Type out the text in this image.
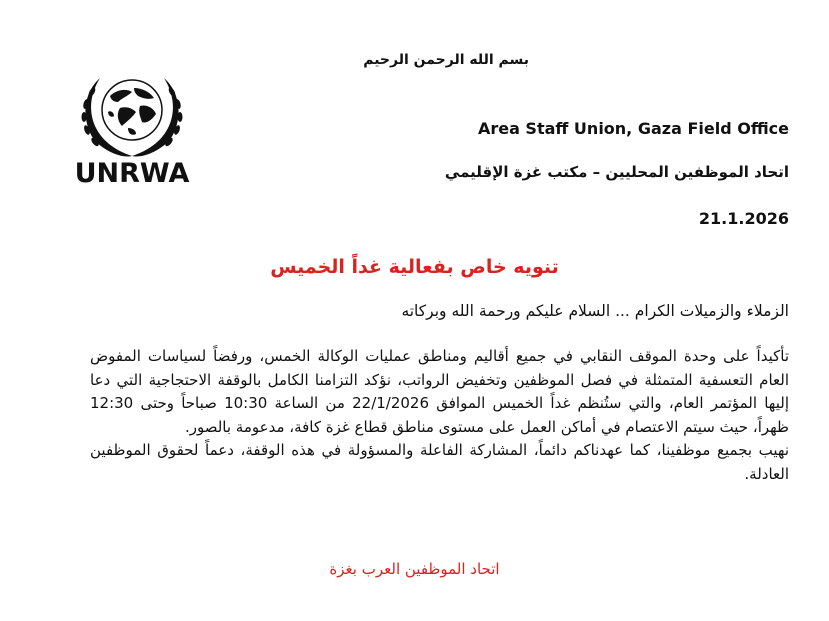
UNRWA
بسم الله الرحمن الرحيم
Area Staff Union, Gaza Field Office
اتحاد الموظفين المحليين – مكتب غزة الإقليمي
21.1.2026
تنويه خاص بفعالية غداً الخميس
الزملاء والزميلات الكرام ... السلام عليكم ورحمة الله وبركاته

تأكيداً على وحدة الموقف النقابي في جميع أقاليم ومناطق عمليات الوكالة الخمس، ورفضاً لسياسات المفوض العام التعسفية المتمثلة في فصل الموظفين وتخفيض الرواتب، نؤكد التزامنا الكامل بالوقفة الاحتجاجية التي دعا إليها المؤتمر العام، والتي ستُنظم غداً الخميس الموافق 22/1/2026 من الساعة 10:30 صباحاً وحتى 12:30 ظهراً، حيث سيتم الاعتصام في أماكن العمل على مستوى مناطق قطاع غزة كافة، مدعومة بالصور.

نهيب بجميع موظفينا، كما عهدناكم دائماً، المشاركة الفاعلة والمسؤولة في هذه الوقفة، دعماً لحقوق الموظفين العادلة.

اتحاد الموظفين العرب بغزة
